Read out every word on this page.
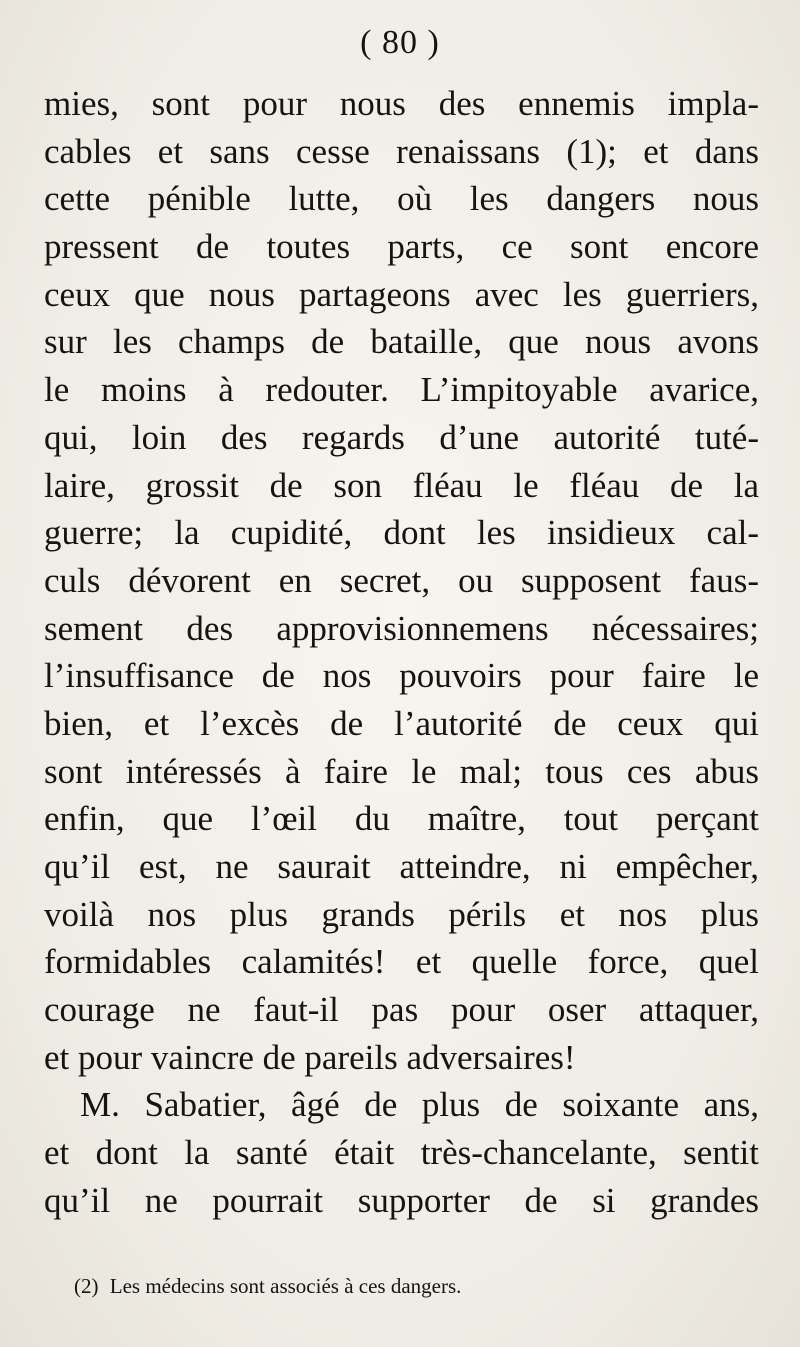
( 80 )
mies, sont pour nous des ennemis impla-
cables et sans cesse renaissans (1); et dans
cette pénible lutte, où les dangers nous
pressent de toutes parts, ce sont encore
ceux que nous partageons avec les guerriers,
sur les champs de bataille, que nous avons
le moins à redouter. L’impitoyable avarice,
qui, loin des regards d’une autorité tuté-
laire, grossit de son fléau le fléau de la
guerre; la cupidité, dont les insidieux cal-
culs dévorent en secret, ou supposent faus-
sement des approvisionnemens nécessaires;
l’insuffisance de nos pouvoirs pour faire le
bien, et l’excès de l’autorité de ceux qui
sont intéressés à faire le mal; tous ces abus
enfin, que l’œil du maître, tout perçant
qu’il est, ne saurait atteindre, ni empêcher,
voilà nos plus grands périls et nos plus
formidables calamités! et quelle force, quel
courage ne faut-il pas pour oser attaquer,
et pour vaincre de pareils adversaires!
M. Sabatier, âgé de plus de soixante ans,
et dont la santé était très-chancelante, sentit
qu’il ne pourrait supporter de si grandes
(2) Les médecins sont associés à ces dangers.
